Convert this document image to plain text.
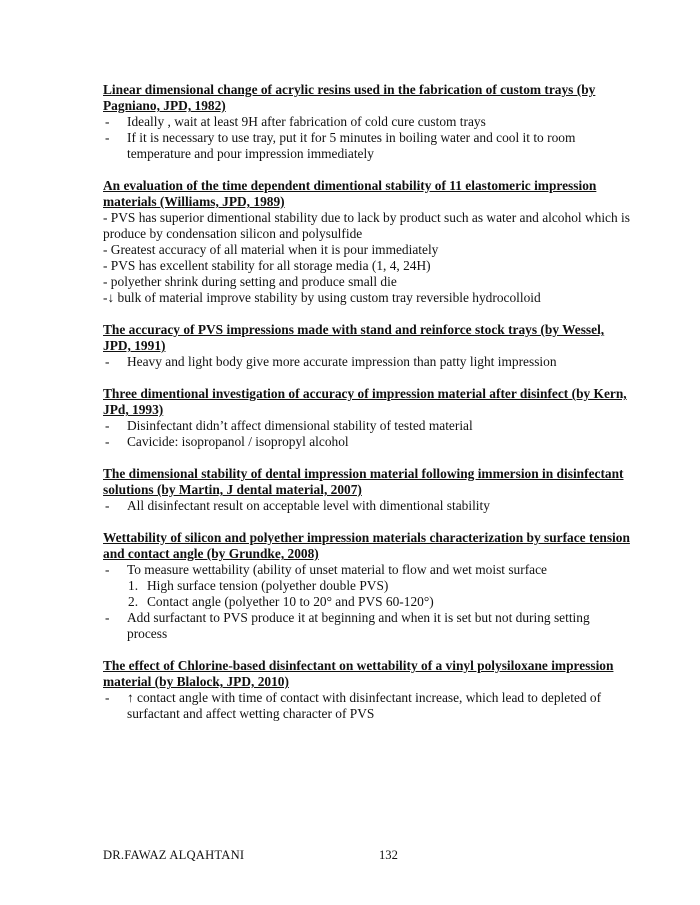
Linear dimensional change of acrylic resins used in the fabrication of custom trays (by Pagniano, JPD, 1982)
- Ideally , wait at least 9H after fabrication of cold cure custom trays
- If it is necessary to use tray, put it for 5 minutes in boiling water and cool it to room temperature and pour impression immediately
An evaluation of the time dependent dimentional stability of 11 elastomeric impression materials (Williams, JPD, 1989)
- PVS has superior dimentional stability due to lack by product such as water and alcohol which is produce by condensation silicon and polysulfide
- Greatest accuracy of all material when it is pour immediately
- PVS has excellent stability for all storage media (1, 4, 24H)
- polyether shrink during setting and produce small die
-↓ bulk of material improve stability by using custom tray reversible hydrocolloid
The accuracy of PVS impressions made with stand and reinforce stock trays (by Wessel, JPD, 1991)
- Heavy and light body give more accurate impression than patty light impression
Three dimentional investigation of accuracy of impression material after disinfect (by Kern, JPd, 1993)
- Disinfectant didn’t affect dimensional stability of tested material
- Cavicide: isopropanol / isopropyl alcohol
The dimensional stability of dental impression material following immersion in disinfectant solutions (by Martin, J dental material, 2007)
- All disinfectant result on acceptable level with dimentional stability
Wettability of silicon and polyether impression materials characterization by surface tension and contact angle (by Grundke, 2008)
- To measure wettability (ability of unset material to flow and wet moist surface
1. High surface tension (polyether double PVS)
2. Contact angle (polyether 10 to 20° and PVS 60-120°)
- Add surfactant to PVS produce it at beginning and when it is set but not during setting process
The effect of Chlorine-based disinfectant on wettability of a vinyl polysiloxane impression material (by Blalock, JPD, 2010)
- ↑ contact angle with time of contact with disinfectant increase, which lead to depleted of surfactant and affect wetting character of PVS
DR.FAWAZ ALQAHTANI	132
